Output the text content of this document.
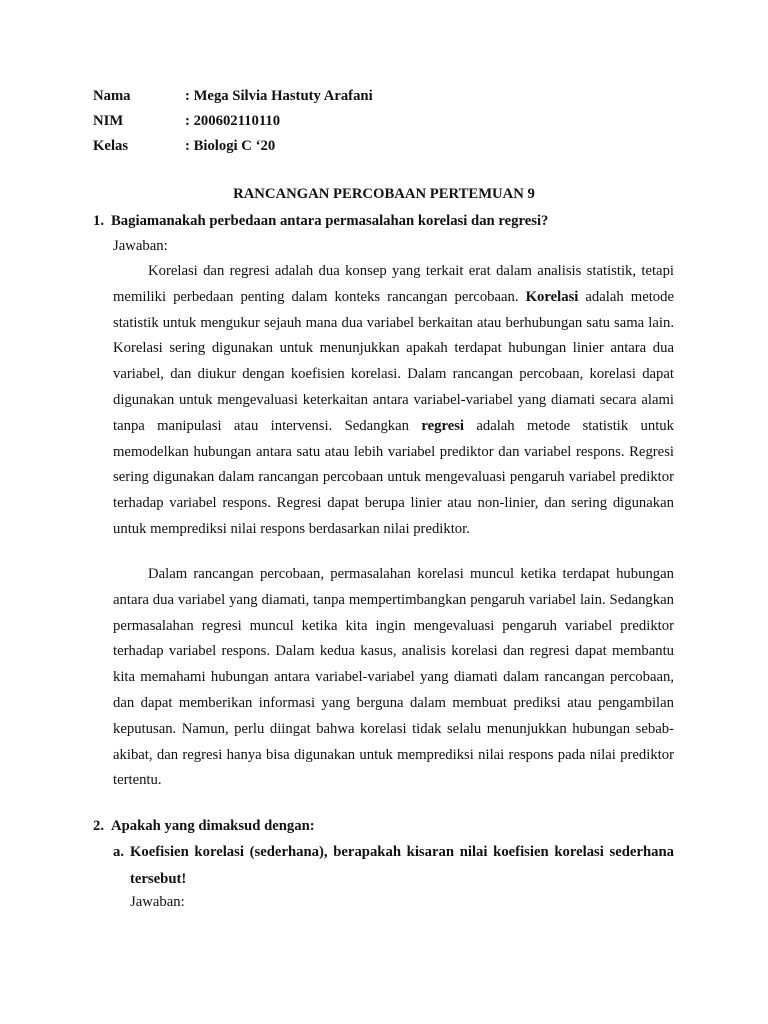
Nama	: Mega Silvia Hastuty Arafani
NIM	: 200602110110
Kelas	: Biologi C ‘20
RANCANGAN PERCOBAAN PERTEMUAN 9
1. Bagiamanakah perbedaan antara permasalahan korelasi dan regresi?
Jawaban:

Korelasi dan regresi adalah dua konsep yang terkait erat dalam analisis statistik, tetapi memiliki perbedaan penting dalam konteks rancangan percobaan. Korelasi adalah metode statistik untuk mengukur sejauh mana dua variabel berkaitan atau berhubungan satu sama lain. Korelasi sering digunakan untuk menunjukkan apakah terdapat hubungan linier antara dua variabel, dan diukur dengan koefisien korelasi. Dalam rancangan percobaan, korelasi dapat digunakan untuk mengevaluasi keterkaitan antara variabel-variabel yang diamati secara alami tanpa manipulasi atau intervensi. Sedangkan regresi adalah metode statistik untuk memodelkan hubungan antara satu atau lebih variabel prediktor dan variabel respons. Regresi sering digunakan dalam rancangan percobaan untuk mengevaluasi pengaruh variabel prediktor terhadap variabel respons. Regresi dapat berupa linier atau non-linier, dan sering digunakan untuk memprediksi nilai respons berdasarkan nilai prediktor.

Dalam rancangan percobaan, permasalahan korelasi muncul ketika terdapat hubungan antara dua variabel yang diamati, tanpa mempertimbangkan pengaruh variabel lain. Sedangkan permasalahan regresi muncul ketika kita ingin mengevaluasi pengaruh variabel prediktor terhadap variabel respons. Dalam kedua kasus, analisis korelasi dan regresi dapat membantu kita memahami hubungan antara variabel-variabel yang diamati dalam rancangan percobaan, dan dapat memberikan informasi yang berguna dalam membuat prediksi atau pengambilan keputusan. Namun, perlu diingat bahwa korelasi tidak selalu menunjukkan hubungan sebab-akibat, dan regresi hanya bisa digunakan untuk memprediksi nilai respons pada nilai prediktor tertentu.

2. Apakah yang dimaksud dengan:
a. Koefisien korelasi (sederhana), berapakah kisaran nilai koefisien korelasi sederhana tersebut!
Jawaban:
